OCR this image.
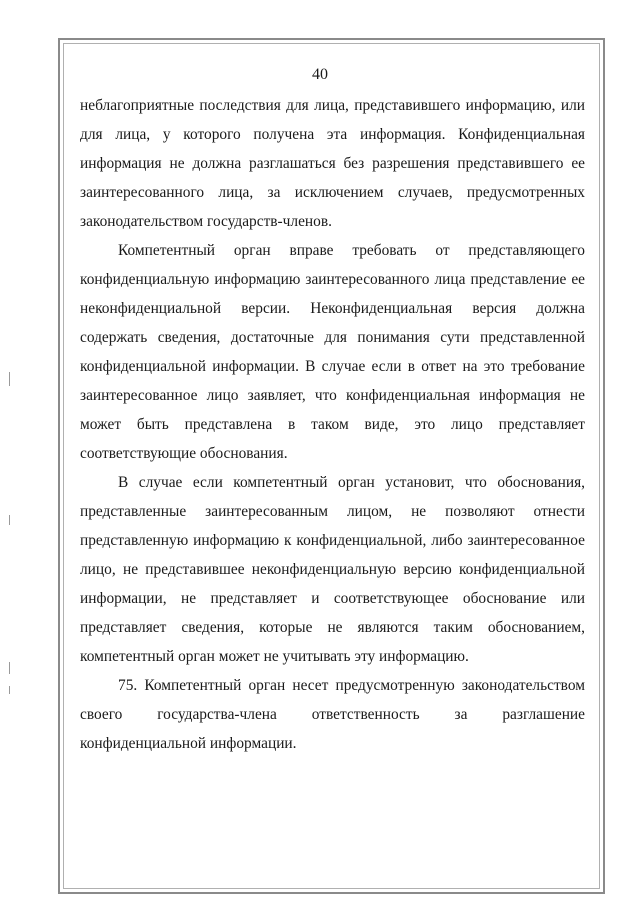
40

неблагоприятные последствия для лица, представившего информацию, или для лица, у которого получена эта информация. Конфиденциальная информация не должна разглашаться без разрешения представившего ее заинтересованного лица, за исключением случаев, предусмотренных законодательством государств-членов.

Компетентный орган вправе требовать от представляющего конфиденциальную информацию заинтересованного лица представление ее неконфиденциальной версии. Неконфиденциальная версия должна содержать сведения, достаточные для понимания сути представленной конфиденциальной информации. В случае если в ответ на это требование заинтересованное лицо заявляет, что конфиденциальная информация не может быть представлена в таком виде, это лицо представляет соответствующие обоснования.

В случае если компетентный орган установит, что обоснования, представленные заинтересованным лицом, не позволяют отнести представленную информацию к конфиденциальной, либо заинтересованное лицо, не представившее неконфиденциальную версию конфиденциальной информации, не представляет и соответствующее обоснование или представляет сведения, которые не являются таким обоснованием, компетентный орган может не учитывать эту информацию.

75. Компетентный орган несет предусмотренную законодательством своего государства-члена ответственность за разглашение конфиденциальной информации.
